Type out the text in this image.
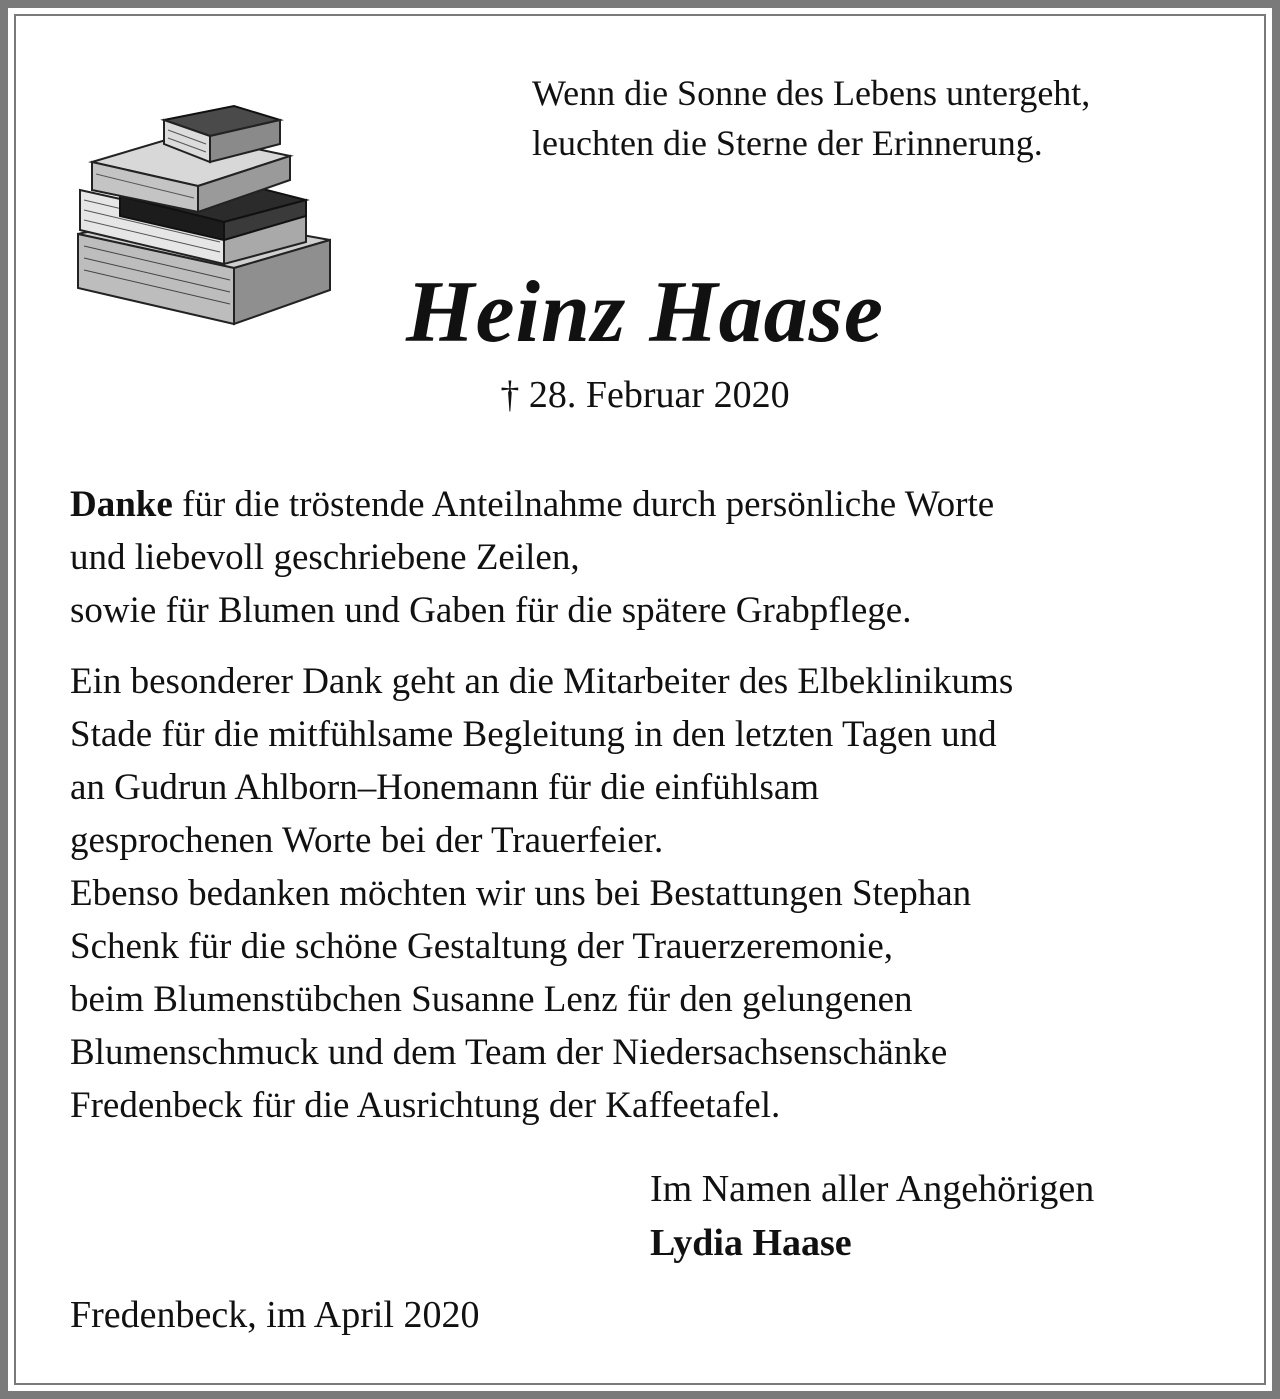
Wenn die Sonne des Lebens untergeht,
leuchten die Sterne der Erinnerung.
Heinz Haase
† 28. Februar 2020
Danke für die tröstende Anteilnahme durch persönliche Worte
und liebevoll geschriebene Zeilen,
sowie für Blumen und Gaben für die spätere Grabpflege.
Ein besonderer Dank geht an die Mitarbeiter des Elbeklinikums
Stade für die mitfühlsame Begleitung in den letzten Tagen und
an Gudrun Ahlborn–Honemann für die einfühlsam
gesprochenen Worte bei der Trauerfeier.
Ebenso bedanken möchten wir uns bei Bestattungen Stephan
Schenk für die schöne Gestaltung der Trauerzeremonie,
beim Blumenstübchen Susanne Lenz für den gelungenen
Blumenschmuck und dem Team der Niedersachsenschänke
Fredenbeck für die Ausrichtung der Kaffeetafel.
Im Namen aller Angehörigen
Lydia Haase
Fredenbeck, im April 2020
